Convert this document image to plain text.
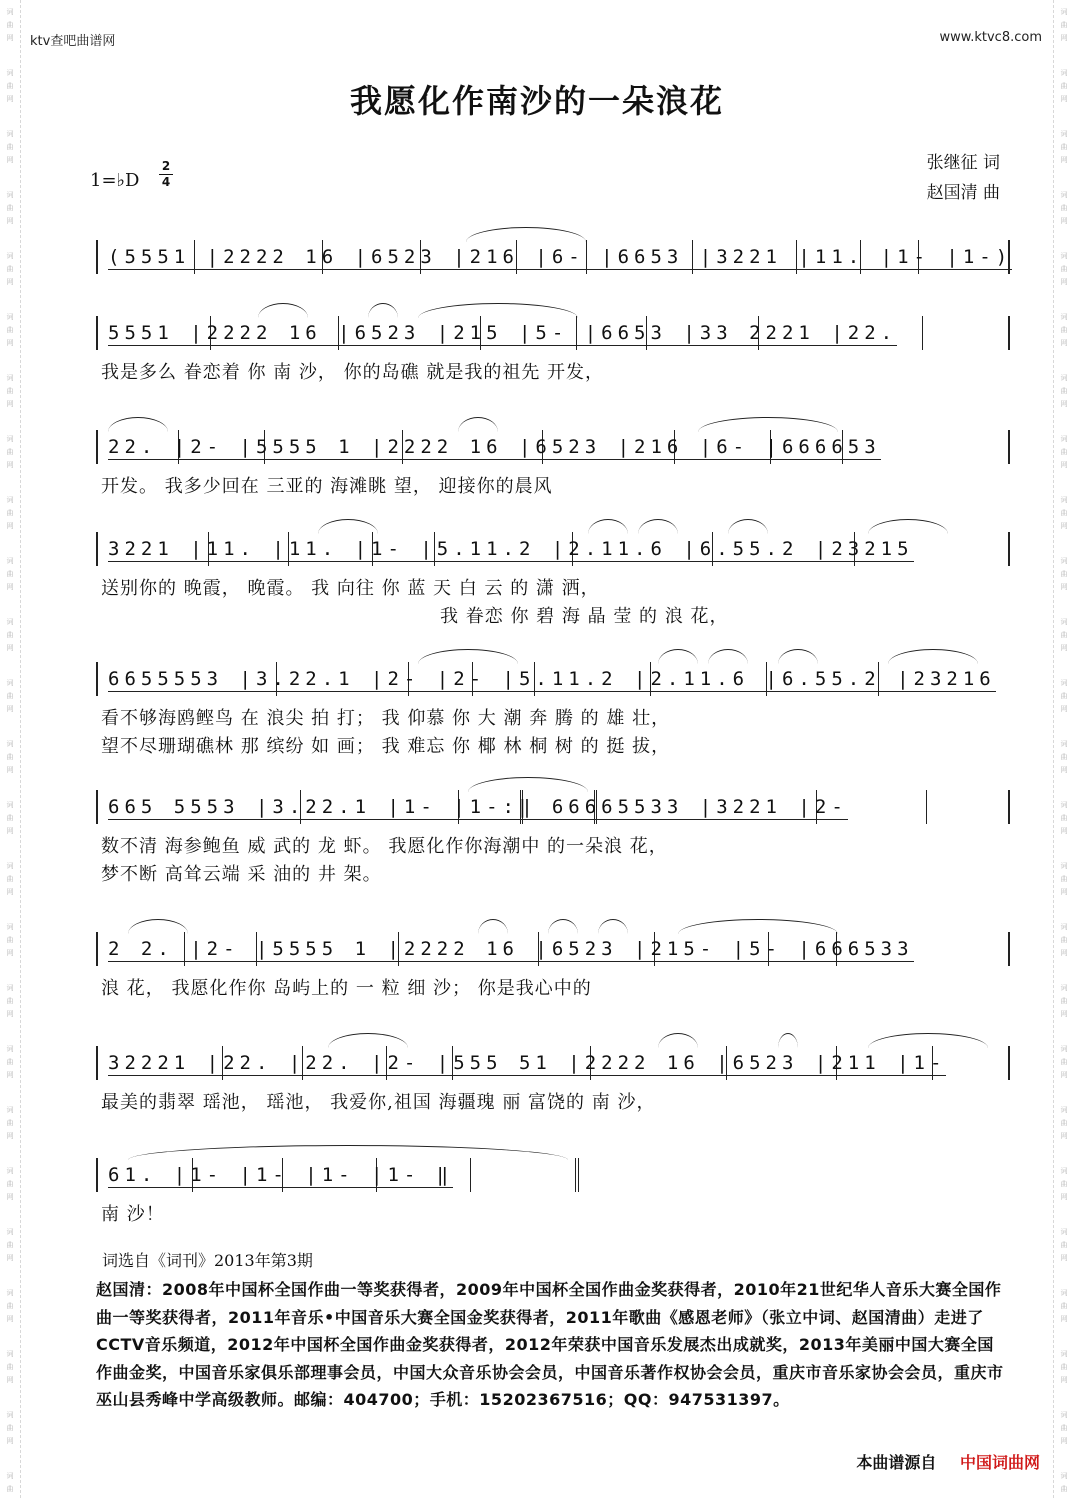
词
曲
网
词
曲
网
词
曲
网
词
曲
网
词
曲
网
词
曲
网
词
曲
网
词
曲
网
词
曲
网
词
曲
网
词
曲
网
词
曲
网
词
曲
网
词
曲
网
词
曲
网
词
曲
网
词
曲
网
词
曲
网
词
曲
网
词
曲
网
词
曲
网
词
曲
网
词
曲
网
词
曲
网
词
曲
词
曲
网
词
曲
网
词
曲
网
词
曲
网
词
曲
网
词
曲
网
词
曲
网
词
曲
网
词
曲
网
词
曲
网
词
曲
网
词
曲
网
词
曲
网
词
曲
网
词
曲
网
词
曲
网
词
曲
网
词
曲
网
词
曲
网
词
曲
网
词
曲
网
词
曲
网
词
曲
网
词
曲
网
词
曲
ktv查吧曲谱网	www.ktvc8.com
我愿化作南沙的一朵浪花
张继征 词
赵国清 曲
1=♭D
2
4
(5551 |2222 16 |6523 |216 |6- |6653 |3221 |11. |1- |1-)
5551 |2222 16 |6523 |215 |5- |6653 |33 2221 |22.
我是多么 眷恋着 你 南 沙， 你的岛礁 就是我的祖先 开发，
22. |2- |5555 1 |2222 16 |6523 |216 |6- |666653
开发。 我多少回在 三亚的 海滩眺 望， 迎接你的晨风
3221 |11. |11. |1- |5.11.2 |2.11.6 |6.55.2 |23215
送别你的 晚霞， 晚霞。 我 向往 你 蓝 天 白 云 的 潇 洒，
我 眷恋 你 碧 海 晶 莹 的 浪 花，
6655553 |3.22.1 |2- |2- |5.11.2 |2.11.6 |6.55.2 |23216
看不够海鸥鲣鸟 在 浪尖 拍 打； 我 仰慕 你 大 潮 奔 腾 的 雄 壮，
望不尽珊瑚礁林 那 缤纷 如 画； 我 难忘 你 椰 林 桐 树 的 挺 拔，
665 5553 |3.22.1 |1- |1-:‖ 66665533 |3221 |2-
数不清 海参鲍鱼 威 武的 龙 虾。 我愿化作你海潮中 的一朵浪 花，
梦不断 高耸云端 采 油的 井 架。
2 2. |2- |5555 1 |2222 16 |6523 |215- |5- |666533
浪 花， 我愿化作你 岛屿上的 一 粒 细 沙； 你是我心中的
32221 |22. |22. |2- |555 51 |2222 16 |6523 |211 |1-
最美的翡翠 瑶池， 瑶池， 我爱你,祖国 海疆瑰 丽 富饶的 南 沙，
61. |1- |1- |1- |1- ‖
南 沙！
词选自《词刊》2013年第3期
赵国清：2008年中国杯全国作曲一等奖获得者，2009年中国杯全国作曲金奖获得者，2010年21世纪华人音乐大赛全国作曲一等奖获得者，2011年音乐•中国音乐大赛全国金奖获得者，2011年歌曲《感恩老师》（张立中词、赵国清曲）走进了CCTV音乐频道，2012年中国杯全国作曲金奖获得者，2012年荣获中国音乐发展杰出成就奖，2013年美丽中国大赛全国作曲金奖，中国音乐家俱乐部理事会员，中国大众音乐协会会员，中国音乐著作权协会会员，重庆市音乐家协会会员，重庆市巫山县秀峰中学高级教师。邮编：404700；手机：15202367516；QQ：947531397。
本曲谱源自 中国词曲网
